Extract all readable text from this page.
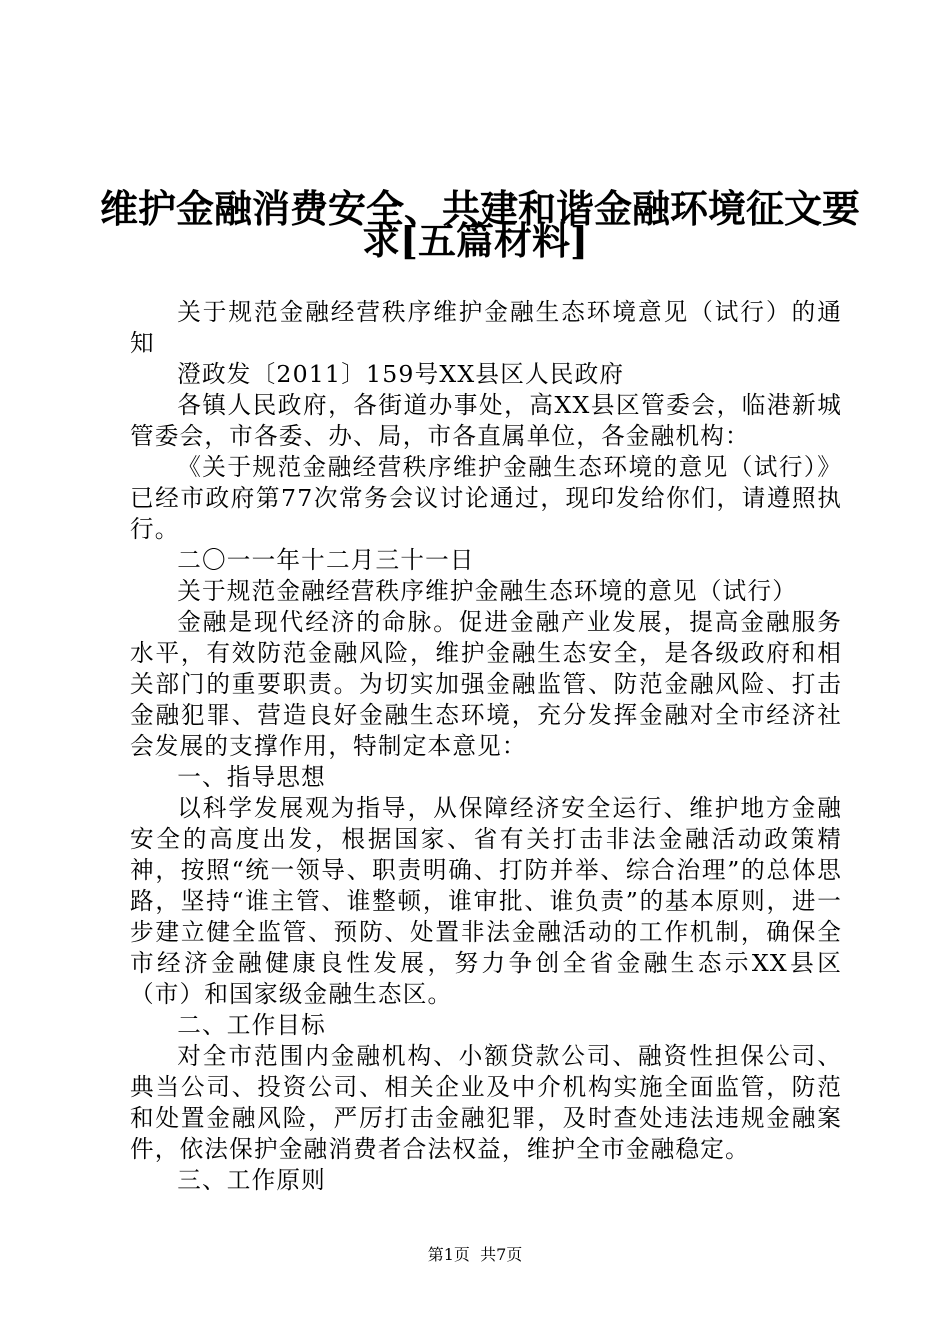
维护金融消费安全、共建和谐金融环境征文要
求[五篇材料]

关于规范金融经营秩序维护金融生态环境意见（试行）的通知

澄政发〔2011〕159号XX县区人民政府

各镇人民政府，各街道办事处，高XX县区管委会，临港新城管委会，市各委、办、局，市各直属单位，各金融机构：

《关于规范金融经营秩序维护金融生态环境的意见（试行）》已经市政府第77次常务会议讨论通过，现印发给你们，请遵照执行。

二〇一一年十二月三十一日

关于规范金融经营秩序维护金融生态环境的意见（试行）

金融是现代经济的命脉。促进金融产业发展，提高金融服务水平，有效防范金融风险，维护金融生态安全，是各级政府和相关部门的重要职责。为切实加强金融监管、防范金融风险、打击金融犯罪、营造良好金融生态环境，充分发挥金融对全市经济社会发展的支撑作用，特制定本意见：

一、指导思想

以科学发展观为指导，从保障经济安全运行、维护地方金融安全的高度出发，根据国家、省有关打击非法金融活动政策精神，按照“统一领导、职责明确、打防并举、综合治理”的总体思路，坚持“谁主管、谁整顿，谁审批、谁负责”的基本原则，进一步建立健全监管、预防、处置非法金融活动的工作机制，确保全市经济金融健康良性发展，努力争创全省金融生态示XX县区（市）和国家级金融生态区。

二、工作目标

对全市范围内金融机构、小额贷款公司、融资性担保公司、典当公司、投资公司、相关企业及中介机构实施全面监管，防范和处置金融风险，严厉打击金融犯罪，及时查处违法违规金融案件，依法保护金融消费者合法权益，维护全市金融稳定。

三、工作原则

第1页  共7页
